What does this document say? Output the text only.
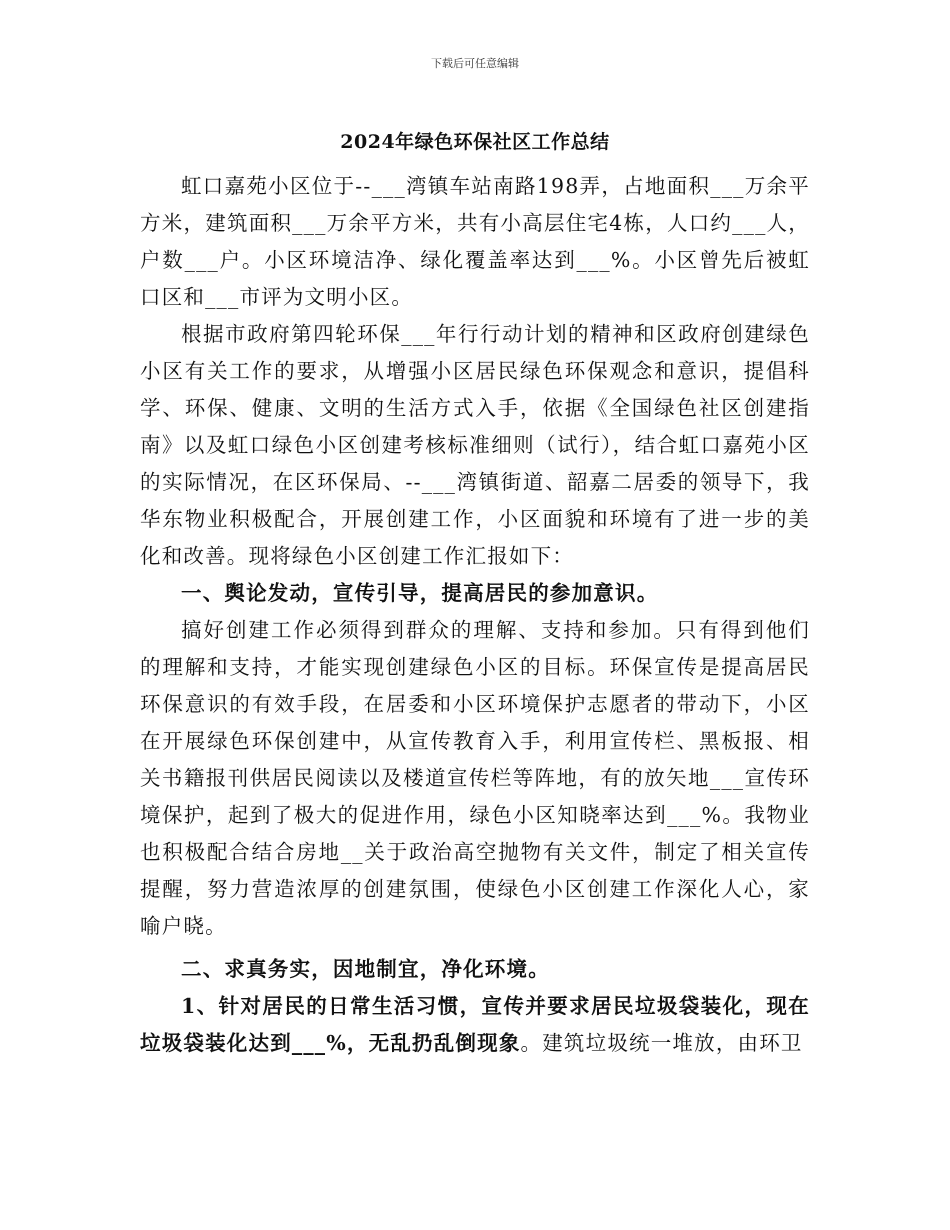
下载后可任意编辑
2024年绿色环保社区工作总结

虹口嘉苑小区位于--___湾镇车站南路198弄，占地面积___万余平方米，建筑面积___万余平方米，共有小高层住宅4栋，人口约___人，户数___户。小区环境洁净、绿化覆盖率达到___%。小区曾先后被虹口区和___市评为文明小区。

根据市政府第四轮环保___年行行动计划的精神和区政府创建绿色小区有关工作的要求，从增强小区居民绿色环保观念和意识，提倡科学、环保、健康、文明的生活方式入手，依据《全国绿色社区创建指南》以及虹口绿色小区创建考核标准细则（试行），结合虹口嘉苑小区的实际情况，在区环保局、--___湾镇街道、韶嘉二居委的领导下，我华东物业积极配合，开展创建工作，小区面貌和环境有了进一步的美化和改善。现将绿色小区创建工作汇报如下：

一、舆论发动，宣传引导，提高居民的参加意识。

搞好创建工作必须得到群众的理解、支持和参加。只有得到他们的理解和支持，才能实现创建绿色小区的目标。环保宣传是提高居民环保意识的有效手段，在居委和小区环境保护志愿者的带动下，小区在开展绿色环保创建中，从宣传教育入手，利用宣传栏、黑板报、相关书籍报刊供居民阅读以及楼道宣传栏等阵地，有的放矢地___宣传环境保护，起到了极大的促进作用，绿色小区知晓率达到___%。我物业也积极配合结合房地__关于政治高空抛物有关文件，制定了相关宣传提醒，努力营造浓厚的创建氛围，使绿色小区创建工作深化人心，家喻户晓。

二、求真务实，因地制宜，净化环境。

1、针对居民的日常生活习惯，宣传并要求居民垃圾袋装化，现在垃圾袋装化达到___%，无乱扔乱倒现象。建筑垃圾统一堆放，由环卫
